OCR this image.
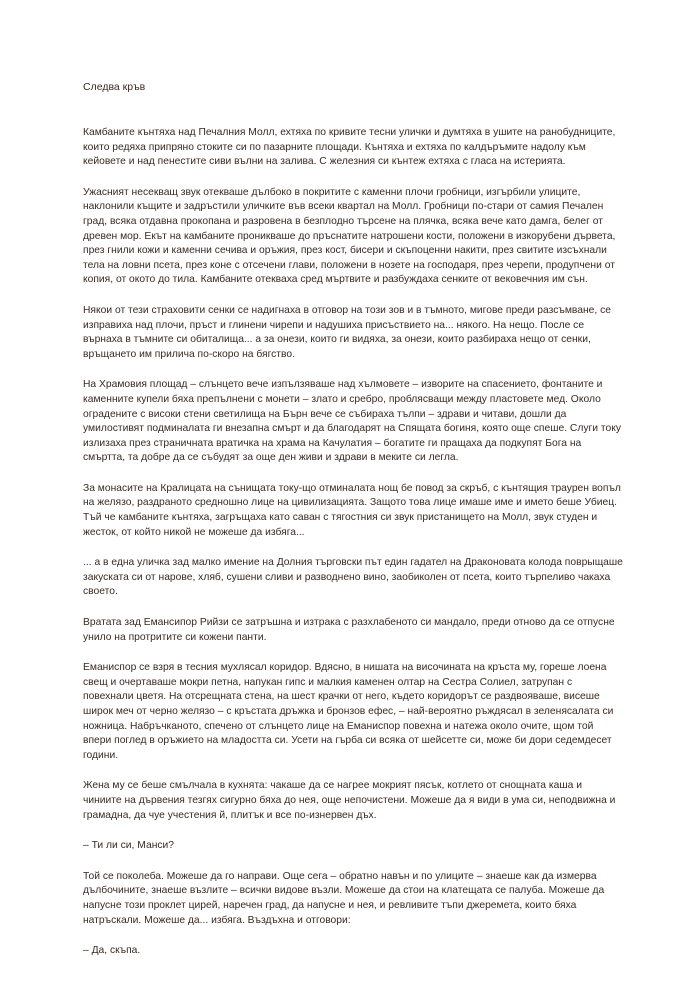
Следва кръв

Камбаните кънтяха над Печалния Молл, ехтяха по кривите тесни улички и думтяха в ушите на ранобудниците, които редяха припряно стоките си по пазарните площади. Кънтяха и ехтяха по калдъръмите надолу към кейовете и над пенестите сиви вълни на залива. С железния си кънтеж ехтяха с гласа на истерията.

Ужасният несекващ звук отекваше дълбоко в покритите с каменни плочи гробници, изгърбили улиците, наклонили къщите и задръстили уличките във всеки квартал на Молл. Гробници по-стари от самия Печален град, всяка отдавна прокопана и разровена в безплодно търсене на плячка, всяка вече като дамга, белег от древен мор. Екът на камбаните проникваше до пръснатите натрошени кости, положени в изкорубени дървета, през гнили кожи и каменни сечива и оръжия, през кост, бисери и скъпоценни накити, през свитите изсъхнали тела на ловни псета, през коне с отсечени глави, положени в нозете на господаря, през черепи, продупчени от копия, от окото до тила. Камбаните отекваха сред мъртвите и разбуждаха сенките от вековечния им сън.

Някои от тези страховити сенки се надигнаха в отговор на този зов и в тъмното, мигове преди разсъмване, се изправиха над плочи, пръст и глинени чирепи и надушиха присъствието на... някого. На нещо. После се върнаха в тъмните си обиталища... а за онези, които ги видяха, за онези, които разбираха нещо от сенки, връщането им прилича по-скоро на бягство.

На Храмовия площад – слънцето вече изпълзяваше над хълмовете – изворите на спасението, фонтаните и каменните купели бяха препълнени с монети – злато и сребро, проблясващи между пластовете мед. Около оградените с високи стени светилища на Бърн вече се събираха тълпи – здрави и читави, дошли да умилостивят подминалата ги внезапна смърт и да благодарят на Спящата богиня, която още спеше. Слуги току излизаха през страничната вратичка на храма на Качулатия – богатите ги пращаха да подкупят Бога на смъртта, та добре да се събудят за още ден живи и здрави в меките си легла.

За монасите на Кралицата на сънищата току-що отминалата нощ бе повод за скръб, с кънтящия траурен вопъл на желязо, раздраното средношно лице на цивилизацията. Защото това лице имаше име и името беше Убиец. Тъй че камбаните кънтяха, загръщаха като саван с тягостния си звук пристанището на Молл, звук студен и жесток, от който никой не можеше да избяга...

... а в една уличка зад малко имение на Долния търговски път един гадател на Драконовата колода поврыщаше закуската си от нарове, хляб, сушени сливи и разводнено вино, заобиколен от псета, които търпеливо чакаха своето.

Вратата зад Емансипор Рийзи се затръшна и изтрака с разхлабеното си мандало, преди отново да се отпусне унило на протритите си кожени панти.

Еманиспор се взря в тесния мухлясал коридор. Вдясно, в нишата на височината на кръста му, гореше лоена свещ и очертаваше мокри петна, напукан гипс и малкия каменен олтар на Сестра Солиел, затрупан с повехнали цветя. На отсрещната стена, на шест крачки от него, където коридорът се раздвояваше, висеше широк меч от черно желязо – с кръстата дръжка и бронзов ефес, – най-вероятно ръждясал в зеленясалата си ножница. Набръчканото, спечено от слънцето лице на Еманиспор повехна и натежа около очите, щом той впери поглед в оръжието на младостта си. Усети на гърба си всяка от шейсетте си, може би дори седемдесет години.

Жена му се беше смълчала в кухнята: чакаше да се нагрее мокрият пясък, котлето от снощната каша и чиниите на дървения тезгях сигурно бяха до нея, още непочистени. Можеше да я види в ума си, неподвижна и грамадна, да чуе учестения й, плитък и все по-изнервен дъх.

– Ти ли си, Манси?

Той се поколеба. Можеше да го направи. Още сега – обратно навън и по улиците – знаеше как да измерва дълбочините, знаеше възлите – всички видове възли. Можеше да стои на клатещата се палуба. Можеше да напусне този проклет цирей, наречен град, да напусне и нея, и ревливите тъпи джеремета, които бяха натръскали. Можеше да... избяга. Въздъхна и отговори:

– Да, скъпа.
